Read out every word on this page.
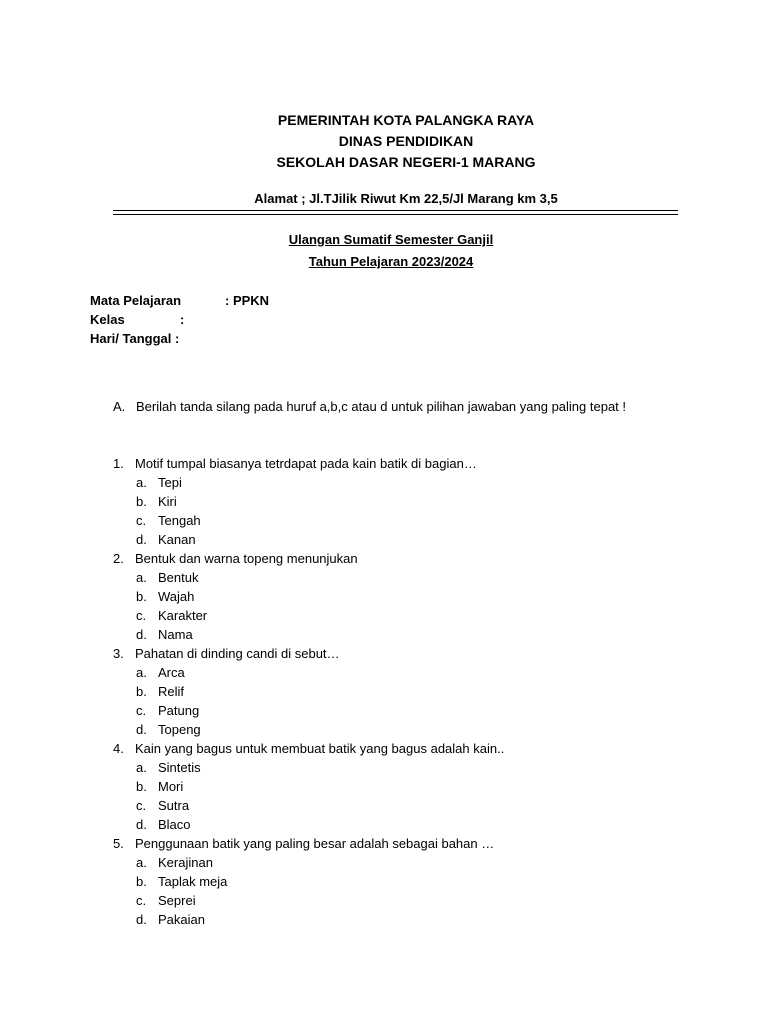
PEMERINTAH KOTA PALANGKA RAYA
DINAS PENDIDIKAN
SEKOLAH DASAR NEGERI-1 MARANG
Alamat ; Jl.TJilik Riwut Km 22,5/Jl Marang km 3,5
Ulangan Sumatif Semester Ganjil
Tahun Pelajaran 2023/2024
Mata Pelajaran	: PPKN
Kelas	:
Hari/ Tanggal :
A. Berilah tanda silang pada huruf a,b,c atau d untuk pilihan jawaban yang paling tepat !
1. Motif tumpal biasanya tetrdapat pada kain batik di bagian…
a. Tepi
b. Kiri
c. Tengah
d. Kanan
2. Bentuk dan warna topeng menunjukan
a. Bentuk
b. Wajah
c. Karakter
d. Nama
3. Pahatan di dinding candi di sebut…
a. Arca
b. Relif
c. Patung
d. Topeng
4. Kain yang bagus untuk membuat batik yang bagus adalah kain..
a. Sintetis
b. Mori
c. Sutra
d. Blaco
5. Penggunaan batik yang paling besar adalah sebagai bahan …
a. Kerajinan
b. Taplak meja
c. Seprei
d. Pakaian
